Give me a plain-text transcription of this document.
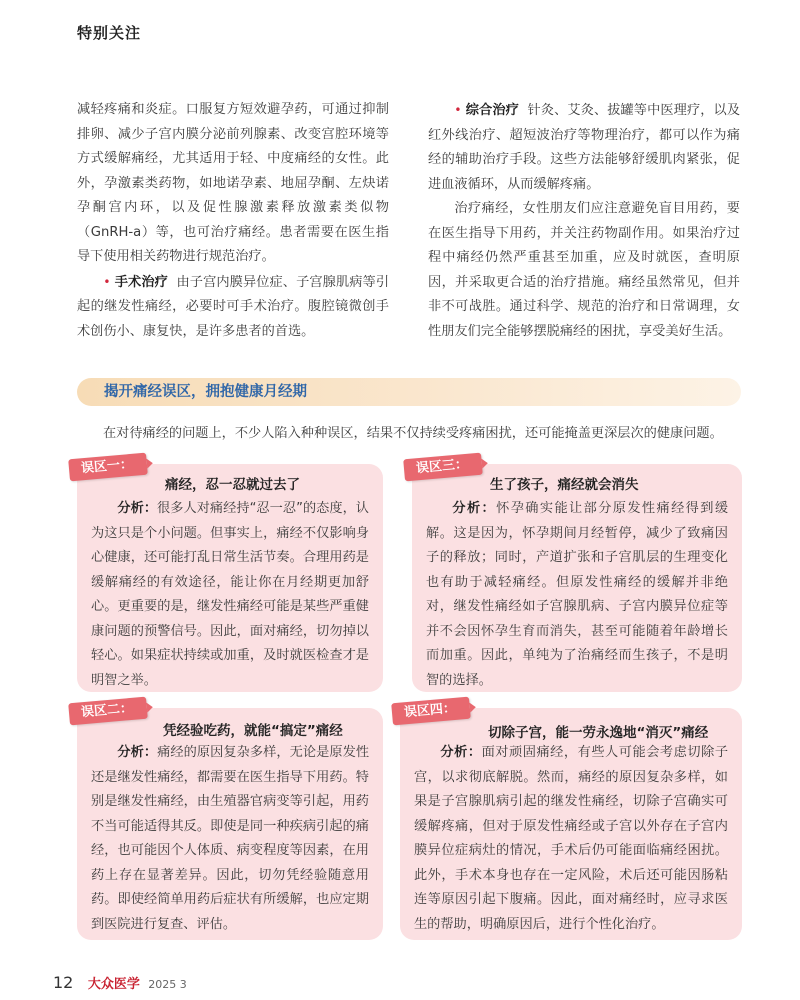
特别关注

减轻疼痛和炎症。口服复方短效避孕药，可通过抑制排卵、减少子宫内膜分泌前列腺素、改变宫腔环境等方式缓解痛经，尤其适用于轻、中度痛经的女性。此外，孕激素类药物，如地诺孕素、地屈孕酮、左炔诺孕酮宫内环，以及促性腺激素释放激素类似物（GnRH-a）等，也可治疗痛经。患者需要在医生指导下使用相关药物进行规范治疗。

• 手术治疗 由子宫内膜异位症、子宫腺肌病等引起的继发性痛经，必要时可手术治疗。腹腔镜微创手术创伤小、康复快，是许多患者的首选。

• 综合治疗 针灸、艾灸、拔罐等中医理疗，以及红外线治疗、超短波治疗等物理治疗，都可以作为痛经的辅助治疗手段。这些方法能够舒缓肌肉紧张，促进血液循环，从而缓解疼痛。

治疗痛经，女性朋友们应注意避免盲目用药，要在医生指导下用药，并关注药物副作用。如果治疗过程中痛经仍然严重甚至加重，应及时就医，查明原因，并采取更合适的治疗措施。痛经虽然常见，但并非不可战胜。通过科学、规范的治疗和日常调理，女性朋友们完全能够摆脱痛经的困扰，享受美好生活。

揭开痛经误区，拥抱健康月经期
在对待痛经的问题上，不少人陷入种种误区，结果不仅持续受疼痛困扰，还可能掩盖更深层次的健康问题。
误区一：
痛经，忍一忍就过去了

分析：很多人对痛经持“忍一忍”的态度，认为这只是个小问题。但事实上，痛经不仅影响身心健康，还可能打乱日常生活节奏。合理用药是缓解痛经的有效途径，能让你在月经期更加舒心。更重要的是，继发性痛经可能是某些严重健康问题的预警信号。因此，面对痛经，切勿掉以轻心。如果症状持续或加重，及时就医检查才是明智之举。

误区三：
生了孩子，痛经就会消失

分析：怀孕确实能让部分原发性痛经得到缓解。这是因为，怀孕期间月经暂停，减少了致痛因子的释放；同时，产道扩张和子宫肌层的生理变化也有助于减轻痛经。但原发性痛经的缓解并非绝对，继发性痛经如子宫腺肌病、子宫内膜异位症等并不会因怀孕生育而消失，甚至可能随着年龄增长而加重。因此，单纯为了治痛经而生孩子，不是明智的选择。

误区二：
凭经验吃药，就能“搞定”痛经

分析：痛经的原因复杂多样，无论是原发性还是继发性痛经，都需要在医生指导下用药。特别是继发性痛经，由生殖器官病变等引起，用药不当可能适得其反。即使是同一种疾病引起的痛经，也可能因个人体质、病变程度等因素，在用药上存在显著差异。因此，切勿凭经验随意用药。即使经简单用药后症状有所缓解，也应定期到医院进行复查、评估。

误区四：
切除子宫，能一劳永逸地“消灭”痛经

分析：面对顽固痛经，有些人可能会考虑切除子宫，以求彻底解脱。然而，痛经的原因复杂多样，如果是子宫腺肌病引起的继发性痛经，切除子宫确实可缓解疼痛，但对于原发性痛经或子宫以外存在子宫内膜异位症病灶的情况，手术后仍可能面临痛经困扰。此外，手术本身也存在一定风险，术后还可能因肠粘连等原因引起下腹痛。因此，面对痛经时，应寻求医生的帮助，明确原因后，进行个性化治疗。

12 大众医学 2025 3
